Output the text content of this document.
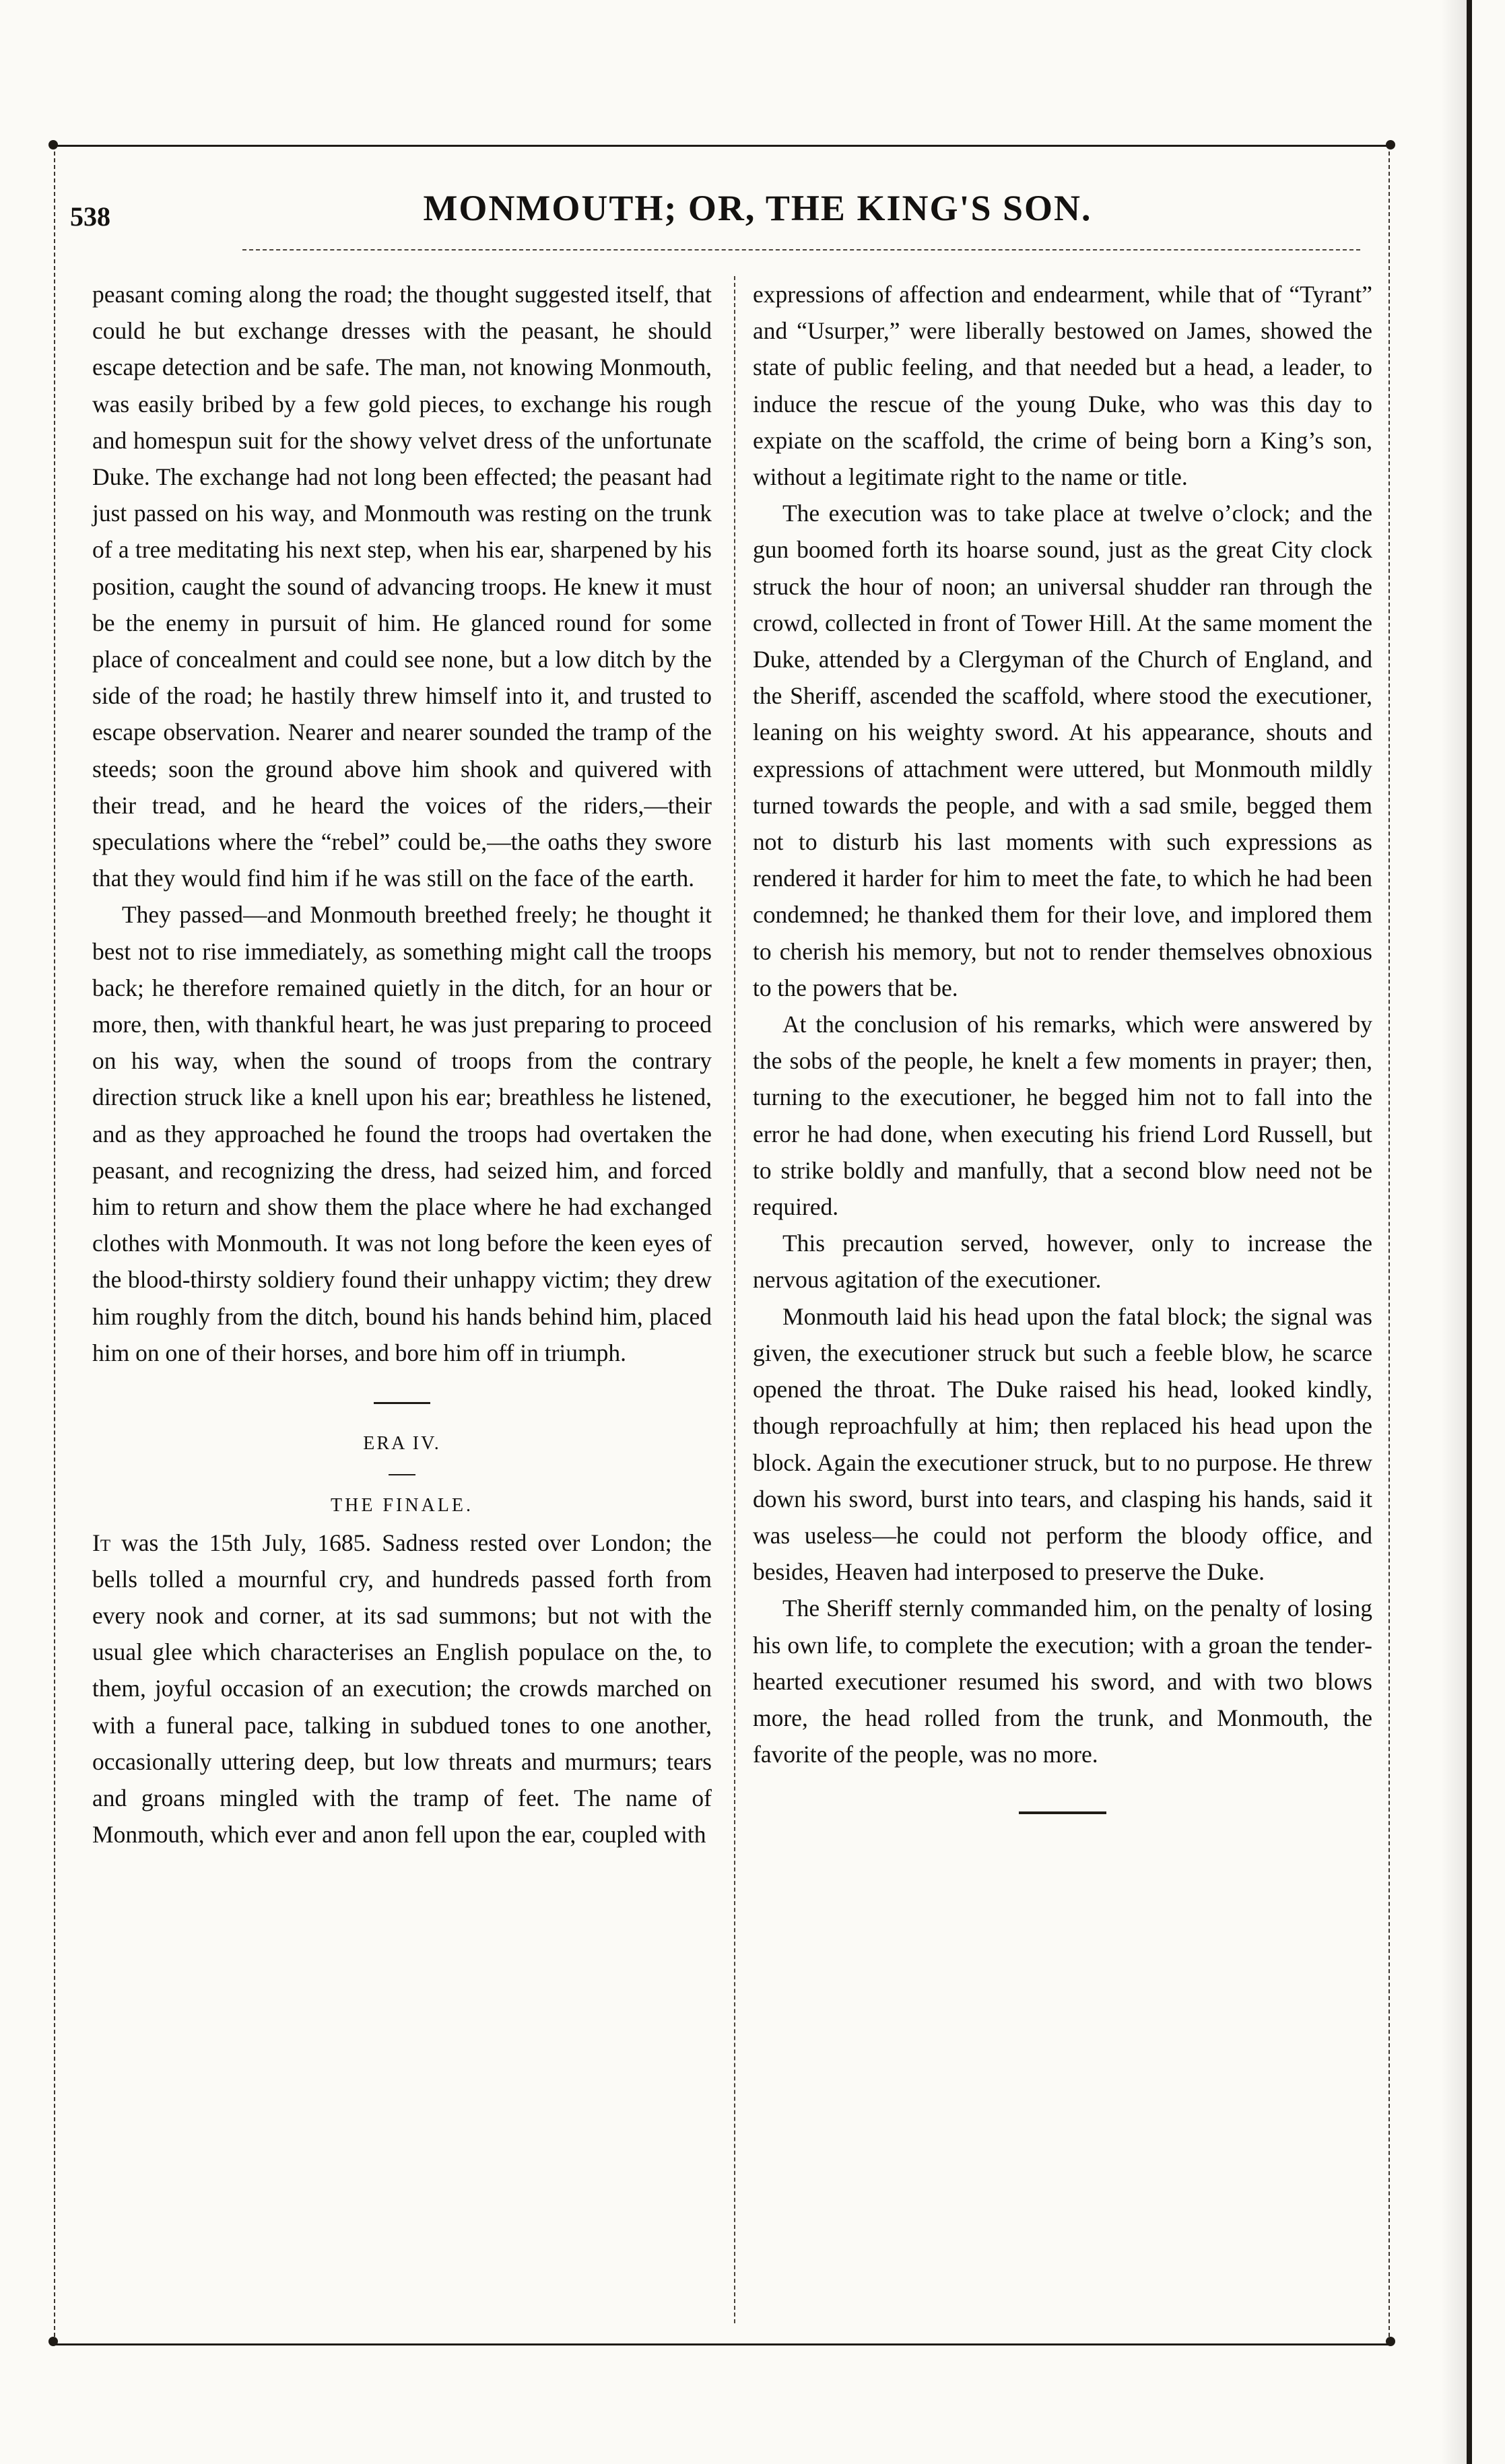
538	MONMOUTH; OR, THE KING'S SON.

peasant coming along the road; the thought suggested itself, that could he but exchange dresses with the peasant, he should escape detection and be safe. The man, not knowing Monmouth, was easily bribed by a few gold pieces, to exchange his rough and homespun suit for the showy velvet dress of the unfortunate Duke. The exchange had not long been effected; the peasant had just passed on his way, and Monmouth was resting on the trunk of a tree meditating his next step, when his ear, sharpened by his position, caught the sound of advancing troops. He knew it must be the enemy in pursuit of him. He glanced round for some place of concealment and could see none, but a low ditch by the side of the road; he hastily threw himself into it, and trusted to escape observation. Nearer and nearer sounded the tramp of the steeds; soon the ground above him shook and quivered with their tread, and he heard the voices of the riders,—their speculations where the “rebel” could be,—the oaths they swore that they would find him if he was still on the face of the earth.

They passed—and Monmouth breethed freely; he thought it best not to rise immediately, as something might call the troops back; he therefore remained quietly in the ditch, for an hour or more, then, with thankful heart, he was just preparing to proceed on his way, when the sound of troops from the contrary direction struck like a knell upon his ear; breathless he listened, and as they approached he found the troops had overtaken the peasant, and recognizing the dress, had seized him, and forced him to return and show them the place where he had exchanged clothes with Monmouth. It was not long before the keen eyes of the blood-thirsty soldiery found their unhappy victim; they drew him roughly from the ditch, bound his hands behind him, placed him on one of their horses, and bore him off in triumph.

ERA IV.

THE FINALE.

It was the 15th July, 1685. Sadness rested over London; the bells tolled a mournful cry, and hundreds passed forth from every nook and corner, at its sad summons; but not with the usual glee which characterises an English populace on the, to them, joyful occasion of an execution; the crowds marched on with a funeral pace, talking in subdued tones to one another, occasionally uttering deep, but low threats and murmurs; tears and groans mingled with the tramp of feet. The name of Monmouth, which ever and anon fell upon the ear, coupled with

expressions of affection and endearment, while that of “Tyrant” and “Usurper,” were liberally bestowed on James, showed the state of public feeling, and that needed but a head, a leader, to induce the rescue of the young Duke, who was this day to expiate on the scaffold, the crime of being born a King’s son, without a legitimate right to the name or title.

The execution was to take place at twelve o’clock; and the gun boomed forth its hoarse sound, just as the great City clock struck the hour of noon; an universal shudder ran through the crowd, collected in front of Tower Hill. At the same moment the Duke, attended by a Clergyman of the Church of England, and the Sheriff, ascended the scaffold, where stood the executioner, leaning on his weighty sword. At his appearance, shouts and expressions of attachment were uttered, but Monmouth mildly turned towards the people, and with a sad smile, begged them not to disturb his last moments with such expressions as rendered it harder for him to meet the fate, to which he had been condemned; he thanked them for their love, and implored them to cherish his memory, but not to render themselves obnoxious to the powers that be.

At the conclusion of his remarks, which were answered by the sobs of the people, he knelt a few moments in prayer; then, turning to the executioner, he begged him not to fall into the error he had done, when executing his friend Lord Russell, but to strike boldly and manfully, that a second blow need not be required.

This precaution served, however, only to increase the nervous agitation of the executioner.

Monmouth laid his head upon the fatal block; the signal was given, the executioner struck but such a feeble blow, he scarce opened the throat. The Duke raised his head, looked kindly, though reproachfully at him; then replaced his head upon the block. Again the executioner struck, but to no purpose. He threw down his sword, burst into tears, and clasping his hands, said it was useless—he could not perform the bloody office, and besides, Heaven had interposed to preserve the Duke.

The Sheriff sternly commanded him, on the penalty of losing his own life, to complete the execution; with a groan the tender-hearted executioner resumed his sword, and with two blows more, the head rolled from the trunk, and Monmouth, the favorite of the people, was no more.
